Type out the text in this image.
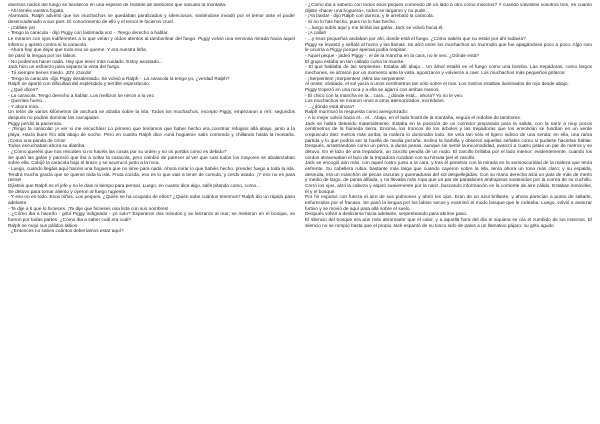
diversos ruidos del fuego se fundieron en una especie de redoble de tambores que sacudió la montaña.

- Ahí tenéis vuestra fogata.

Alarmado, Ralph advirtió que los muchachos se quedaban paralizados y silenciosos, sintiéndose invadir por el temor ante el poder desencadenado a sus pies. El conocimiento de ello y el temor le hicieron cruel.

- ¡Cállate ya!

- Tengo la caracola - dijo Piggy con lastimada voz -. Tengo derecho a hablar.

Le miraron con ojos indiferentes a lo que veían y oídos atentos al tamborilear del fuego. Piggy volvió una nerviosa mirada hacia aquel infierno y apretó contra sí la caracola.

- Ahora hay que dejar que todo eso se queme. Y era nuestra leña.

Se pasó la lengua por los labios.

- No podemos hacer nada. Hay que tener más cuidado. Estoy asustado...

Jack hizo un esfuerzo para separar la vista del fuego.

- Tú siempre tienes miedo. ¡Eh! ¡Gordo!

- Tengo la caracola -dijo Piggy desalentado. Se volvió a Ralph -. La caracola la tengo yo, ¿verdad Ralph?

Ralph se apartó con dificultad del espléndido y terrible espectáculo.

- ¿Qué dices?

- La caracola. Tengo derecho a hablar. Los mellizos se rieron a la vez.

- Queríais humo...

- Y ahora mira...

Un telón de varios kilómetros de anchura se alzaba sobre la isla. Todos los muchachos, excepto Piggy, empezaron a reír; segundos después no podían dominar las carcajadas.

Piggy perdió la paciencia.

- ¡Tengo la caracola! ¡A ver si me escucháis! Lo primero que teníamos que haber hecho era construir refugios allá abajo, junto a la playa. Hacía buen frío allá abajo de noche. Pero en cuanto Ralph dice «una hoguera» salís corriendo y chillando hasta la montaña. ¡Como una panda de críos!

Todos escuchaban ahora su diatriba.

- ¿Cómo queréis que nos rescaten si no hacéis las cosas por su orden y no os portáis como es debido?

Se quitó las gafas y pareció que iba a soltar la caracola, pero cambió de parecer al ver que casi todos los mayores se abalanzaban sobre ella. Cobijó la caracola bajo el brazo y se acurrucó junto a la roca.

- Luego, cuando llegáis aquí hacéis una hoguera que no sirve para nada. Ahora mirar lo que habéis hecho, prender fuego a toda la isla. Tendrá mucha gracia que se queme toda la isla. Fruta cocida, eso es lo que vais a tener de comida, y cerdo asado. ¡Y eso no es para reírse!

Dijisteis que Ralph es el jefe y no le dais ni tiempo para pensar. Luego, en cuanto dice algo, salís pitando como, como...

Se detuvo para tomar aliento y oyeron al fuego rugiente.

- Y eso no es todo. Esos niños. Los peques. ¿Quién se ha ocupado de ellos? ¿Quién sabe cuántos tenemos? Ralph dio un rápido paso adelante.

- Te dije a ti que lo hicieses. ¡Te dije que hicieses una lista con sus nombres!

- ¿Cómo iba a hacerlo - gritó Piggy indignado - yo solo? Esperaron dos minutos y se lanzaron al mar; se metieron en el bosque, se fueron por todas partes. ¿Cómo iba a saber cuál era cuál?

Ralph se mojó sus pálidos labios.

- ¿Entonces no sabes cuántos deberíamos estar aquí?

- ¿Cómo iba a saberlo con todos esos peques corriendo de un lado a otro como insectos? Y cuando volvisteis vosotros tres, en cuanto dijiste «hacer una hoguera», todos se largaron y no pude...

- ¡Ya basta! - dijo Ralph con dureza, y le arrebató la caracola.

- Si no lo has hecho, pues no lo has hecho.

- ...luego subís aquí y me birláis las gafas. Jack se volvió hacia él.

- ¡A callar!

- ...y esos pequeños andaban por ahí, donde está el fuego. ¿Cómo sabéis que no están por ahí todavía?

Piggy se levantó y señaló al humo y las llamas. Se alzó entre los muchachos un murmullo que fue apagándose poco a poco. Algo raro le ocurría a Piggy porque apenas podía respirar.

- Aquel peque - jadeó Piggy -, el de la mancha en la cara, no le veo. ¿Dónde está?

El grupo estaba en tan callado como la muerte.

- El que hablaba de las serpientes. Estaba allí abajo... Un árbol estalló en el fuego como una bomba. Las trepadoras, como largos mechones, se alzaron por un momento ante la vista, agonizaron y volvieron a caer. Los muchachos más pequeños gritaron:

- ¡Serpientes! ¡Serpientes! ¡Mira las serpientes!

Al oeste, olvidado, el sol yacía a unos centímetros tan sólo sobre el mar. Los rostros estaban iluminados de rojo desde abajo.

Piggy tropezó en una roca y a ella se agarró con ambas manos.

- El chico con la mancha en la... cara... ¿dónde está... ahora? Yo no le veo.

Los muchachos se miraron unos a otros atemorizados, incrédulos.

- ...¿dónde está ahora?

Ralph murmuró la respuesta como avergonzado:

- A lo mejor volvió hacia el... el... Abajo, en el lado hostil de la montaña, seguía el redoble de tambores.

Jack se había detenido materialmente. Estaba en la posición de un corredor preparado para la salida, con la nariz a muy pocos centímetros de la húmeda tierra. Encima, los troncos de los árboles y las trepadoras que los envolvían se fundían en un verde crepúsculo diez metros más arriba; la maleza lo dominaba todo. Se veía tan sólo el ligero indicio de una senda: en ella, una rama partida y lo que podría ser la huella de media pezuña. Inclinó la barbilla y observó aquellas señales como si pudiese hacerlas hablar. Después, arrastrándose como un perro, a duras penas, aunque sin sentir la incomodidad, avanzó a cuatro patas un par de metros y se detuvo. En el lazo de una trepadora, un zarcillo pendía de un nudo. El zarcillo brillaba por el lado interior; evidentemente, cuando los cerdos atravesaban el lazo de la trepadora rozaban con su hirsuta piel el zarcillo.

Jack se encogió aún más, con aquel rostro junto a la cara, y tras él penetrar con la mirada en la semioscuridad de la maleza que tenía enfrente. Su cabellera rubia, bastante más larga que cuando cayeron sobre la isla, tenía ahora un tono más claro; y su espalda, desnuda, era un manchón de pecas oscuras y quemaduras del sol despellejadas. Con su mano derecha asía un palo de más de metro y medio de largo, de punta afilada, y no llevaba más ropa que un par de pantalones andrajosos sostenidos por la correa de su cuchillo. Cerró los ojos, alzó la cabeza y aspiró suavemente por la nariz, buscando información en la corriente de aire cálido. Estaban inmóviles, él y el bosque.

Por fin expulsó con fuerza el aire de sus pulmones y abrió los ojos. Eran de un azul brillante, y ahora parecían a punto de saltarle, enfurecidos por el fracaso. Se pasó la lengua por los labios secos y examinó el mudo bosque que le rodeaba. Luego, volvió a avanzar furtivo y se movió de aquí para allá sobre el suelo.

Después volvió a deslizarse hacia adelante, serpenteando para abrirse paso.

El silencio del bosque era aún más abrumador que el calor, y a aquella hora del día ni siquiera se oía el zumbido de los insectos. El silencio no se rompió hasta que el propio Jack espantó de su tosco nido de palos a un llamativo pájaro; su grito agudo
